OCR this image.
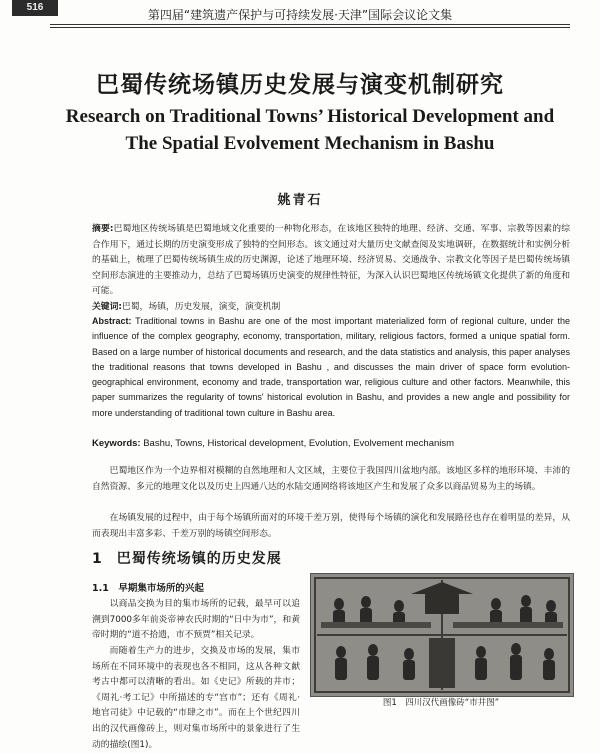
516
第四届“建筑遗产保护与可持续发展·天津”国际会议论文集
巴蜀传统场镇历史发展与演变机制研究
Research on Traditional Towns’ Historical Development and The Spatial Evolvement Mechanism in Bashu
姚青石
摘要:巴蜀地区传统场镇是巴蜀地域文化重要的一种物化形态，在该地区独特的地理、经济、交通、军事、宗教等因素的综合作用下，通过长期的历史演变形成了独特的空间形态。该文通过对大量历史文献查阅及实地调研，在数据统计和实例分析的基础上，梳理了巴蜀传统场镇生成的历史渊源，论述了地理环境、经济贸易、交通战争、宗教文化等因子是巴蜀传统场镇空间形态演进的主要推动力，总结了巴蜀场镇历史演变的规律性特征，为深入认识巴蜀地区传统场镇文化提供了新的角度和可能。
关键词:巴蜀，场镇，历史发展，演变，演变机制
Abstract: Traditional towns in Bashu are one of the most important materialized form of regional culture, under the influence of the complex geography, economy, transportation, military, religious factors, formed a unique spatial form. Based on a large number of historical documents and research, and the data statistics and analysis, this paper analyses the traditional reasons that towns developed in Bashu , and discusses the main driver of space form evolution-geographical environment, economy and trade, transportation war, religious culture and other factors. Meanwhile, this paper summarizes the regularity of towns' historical evolution in Bashu, and provides a new angle and possibility for more understanding of traditional town culture in Bashu area.
Keywords: Bashu, Towns, Historical development, Evolution, Evolvement mechanism
巴蜀地区作为一个边界相对模糊的自然地理和人文区域，主要位于我国四川盆地内部。该地区多样的地形环境、丰沛的自然资源、多元的地理文化以及历史上四通八达的水陆交通网络将该地区产生和发展了众多以商品贸易为主的场镇。
在场镇发展的过程中，由于每个场镇所面对的环境千差万别，使得每个场镇的演化和发展路径也存在着明显的差异，从而表现出丰富多彩、千差万别的场镇空间形态。
1 巴蜀传统场镇的历史发展
1.1　早期集市场所的兴起
以商品交换为目的集市场所的记载，最早可以追溯到7000多年前炎帝神农氏时期的“日中为市”，和黄帝时期的“道不拾遗，市不预贾”相关记录。
而随着生产力的进步，交换及市场的发展，集市场所在不同环境中的表现也各不相同，这从各种文献考古中都可以清晰的看出。如《史记》所载的井市；《周礼·考工记》中所描述的专“宫市”；还有《周礼·地官司徒》中记载的“市肆之市”。而在上个世纪四川出的汉代画像砖上，则对集市场所中的景象进行了生动的描绘(图1)。
图1　四川汉代画像砖“市井图”
